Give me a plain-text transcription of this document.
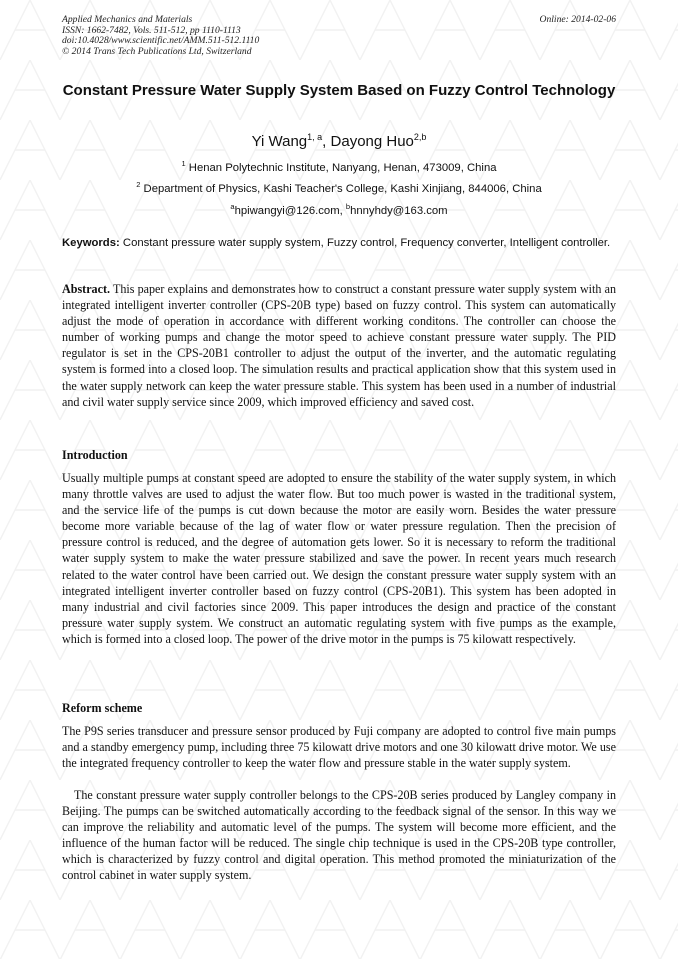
Applied Mechanics and Materials
ISSN: 1662-7482, Vols. 511-512, pp 1110-1113
doi:10.4028/www.scientific.net/AMM.511-512.1110
© 2014 Trans Tech Publications Ltd, Switzerland
Online: 2014-02-06
Constant Pressure Water Supply System Based on Fuzzy Control Technology
Yi Wang$^{1, a}$, Dayong Huo$^{2,b}$
$^1$ Henan Polytechnic Institute, Nanyang, Henan, 473009, China
$^2$ Department of Physics, Kashi Teacher's College, Kashi Xinjiang, 844006, China
$^a$hpiwangyi@126.com, $^b$hnnyhdy@163.com
Keywords: Constant pressure water supply system, Fuzzy control, Frequency converter, Intelligent controller.
Abstract. This paper explains and demonstrates how to construct a constant pressure water supply system with an integrated intelligent inverter controller (CPS-20B type) based on fuzzy control. This system can automatically adjust the mode of operation in accordance with different working conditons. The controller can choose the number of working pumps and change the motor speed to achieve constant pressure water supply. The PID regulator is set in the CPS-20B1 controller to adjust the output of the inverter, and the automatic regulating system is formed into a closed loop. The simulation results and practical application show that this system used in the water supply network can keep the water pressure stable. This system has been used in a number of industrial and civil water supply service since 2009, which improved efficiency and saved cost.
Introduction
Usually multiple pumps at constant speed are adopted to ensure the stability of the water supply system, in which many throttle valves are used to adjust the water flow. But too much power is wasted in the traditional system, and the service life of the pumps is cut down because the motor are easily worn. Besides the water pressure become more variable because of the lag of water flow or water pressure regulation. Then the precision of pressure control is reduced, and the degree of automation gets lower. So it is necessary to reform the traditional water supply system to make the water pressure stabilized and save the power. In recent years much research related to the water control have been carried out. We design the constant pressure water supply system with an integrated intelligent inverter controller based on fuzzy control (CPS-20B1). This system has been adopted in many industrial and civil factories since 2009. This paper introduces the design and practice of the constant pressure water supply system. We construct an automatic regulating system with five pumps as the example, which is formed into a closed loop. The power of the drive motor in the pumps is 75 kilowatt respectively.
Reform scheme
The P9S series transducer and pressure sensor produced by Fuji company are adopted to control five main pumps and a standby emergency pump, including three 75 kilowatt drive motors and one 30 kilowatt drive motor. We use the integrated frequency controller to keep the water flow and pressure stable in the water supply system.
The constant pressure water supply controller belongs to the CPS-20B series produced by Langley company in Beijing. The pumps can be switched automatically according to the feedback signal of the sensor. In this way we can improve the reliability and automatic level of the pumps. The system will become more efficient, and the influence of the human factor will be reduced. The single chip technique is used in the CPS-20B type controller, which is characterized by fuzzy control and digital operation. This method promoted the miniaturization of the control cabinet in water supply system.
